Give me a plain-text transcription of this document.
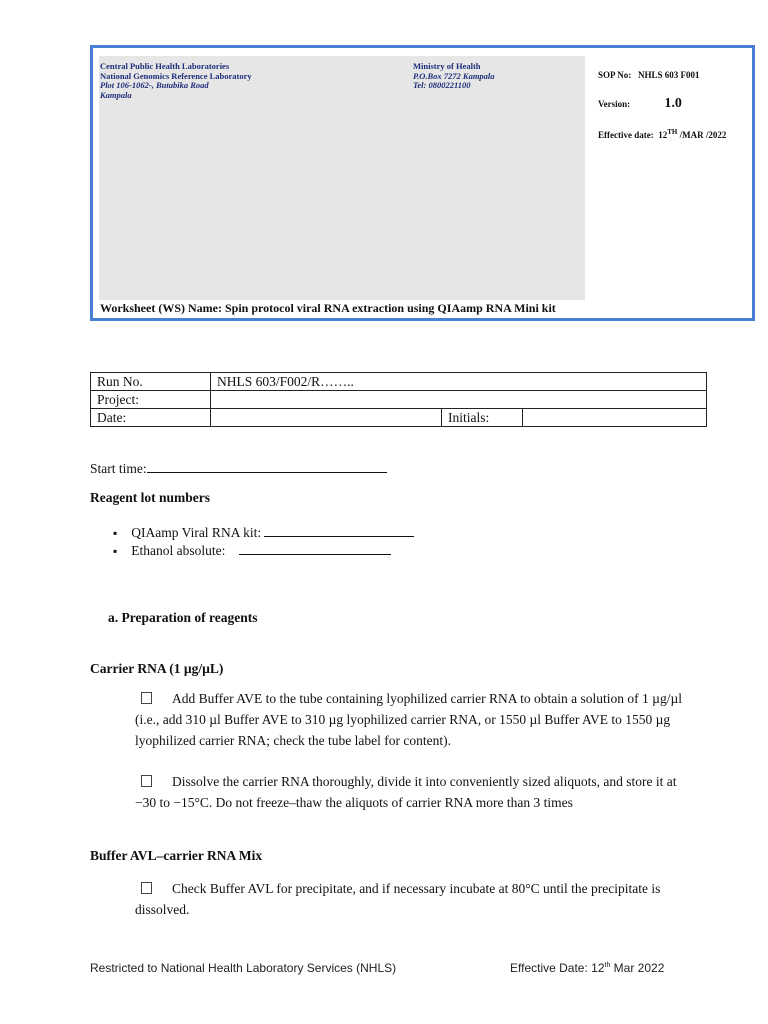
Central Public Health Laboratories
National Genomics Reference Laboratory
Plot 106-1062-, Butabika Road
Kampala
Ministry of Health
P.O.Box 7272 Kampala
Tel: 0800221100
SOP No: NHLS 603 F001
Version: 1.0
Effective date: 12TH /MAR /2022
Worksheet (WS) Name: Spin protocol viral RNA extraction using QIAamp RNA Mini kit
Run No.	NHLS 603/F002/R……..		
Project:			
Date:		Initials:	
Start time:
Reagent lot numbers
▪ QIAamp Viral RNA kit:
▪ Ethanol absolute:
a. Preparation of reagents
Carrier RNA (1 µg/µL)
Add Buffer AVE to the tube containing lyophilized carrier RNA to obtain a solution of 1 µg/µl (i.e., add 310 µl Buffer AVE to 310 µg lyophilized carrier RNA, or 1550 µl Buffer AVE to 1550 µg lyophilized carrier RNA; check the tube label for content).
Dissolve the carrier RNA thoroughly, divide it into conveniently sized aliquots, and store it at −30 to −15°C. Do not freeze–thaw the aliquots of carrier RNA more than 3 times
Buffer AVL–carrier RNA Mix
Check Buffer AVL for precipitate, and if necessary incubate at 80°C until the precipitate is dissolved.
Restricted to National Health Laboratory Services (NHLS)	Effective Date: 12th Mar 2022
